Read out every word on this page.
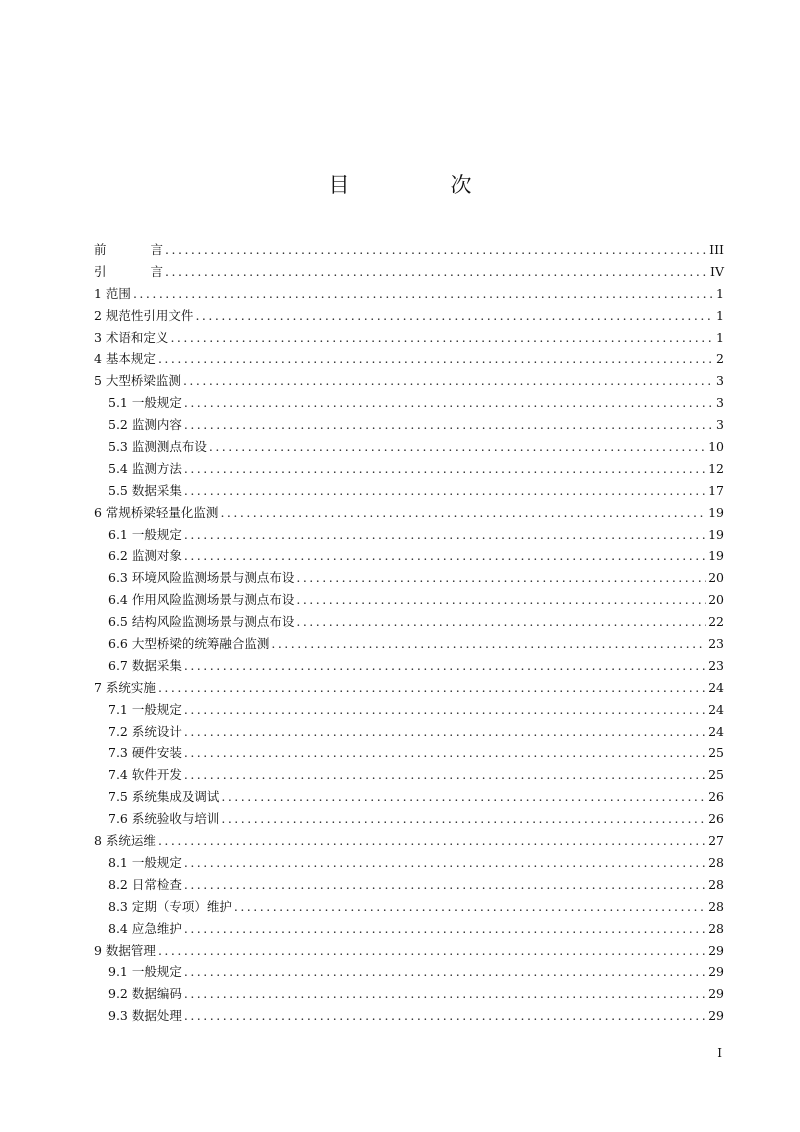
目　次
前	言 .....	III
引	言 .....	IV
1 范围 .....	1
2 规范性引用文件 .....	1
3 术语和定义 .....	1
4 基本规定 .....	2
5 大型桥梁监测 .....	3
5.1 一般规定 .....	3
5.2 监测内容 .....	3
5.3 监测测点布设 .....	10
5.4 监测方法 .....	12
5.5 数据采集 .....	17
6 常规桥梁轻量化监测 .....	19
6.1 一般规定 .....	19
6.2 监测对象 .....	19
6.3 环境风险监测场景与测点布设 .....	20
6.4 作用风险监测场景与测点布设 .....	20
6.5 结构风险监测场景与测点布设 .....	22
6.6 大型桥梁的统筹融合监测 .....	23
6.7 数据采集 .....	23
7 系统实施 .....	24
7.1 一般规定 .....	24
7.2 系统设计 .....	24
7.3 硬件安装 .....	25
7.4 软件开发 .....	25
7.5 系统集成及调试 .....	26
7.6 系统验收与培训 .....	26
8 系统运维 .....	27
8.1 一般规定 .....	28
8.2 日常检查 .....	28
8.3 定期（专项）维护 .....	28
8.4 应急维护 .....	28
9 数据管理 .....	29
9.1 一般规定 .....	29
9.2 数据编码 .....	29
9.3 数据处理 .....	29
I
